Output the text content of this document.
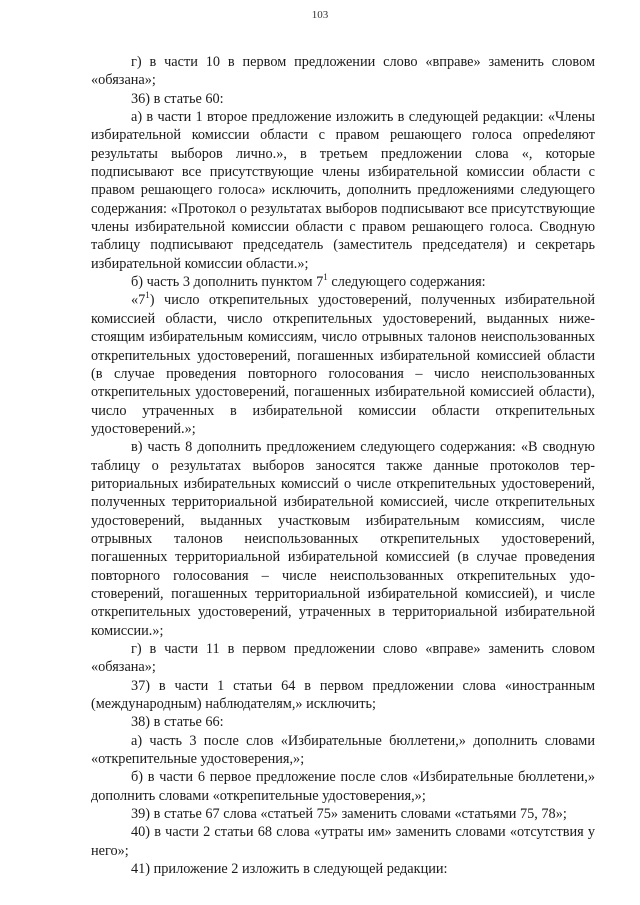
103

г) в части 10 в первом предложении слово «вправе» заменить словом «обязана»;

36) в статье 60:

а) в части 1 второе предложение изложить в следующей редакции: «Члены избирательной комиссии области с правом решающего голоса опреdеляют результаты выборов лично.», в третьем предложении слова «, которые подписывают все присутствующие члены избирательной комиссии области с правом решающего голоса» исключить, дополнить предложениями следующего содержания: «Протокол о результатах выборов подписывают все присутствующие члены избирательной комиссии области с правом решающего голоса. Сводную таблицу подписывают председатель (заместитель председателя) и секретарь избирательной комиссии области.»;

б) часть 3 дополнить пунктом $7^1$ следующего содержания:

«$7^1$) число открепительных удостоверений, полученных избирательной комиссией области, число открепительных удостоверений, выданных нижестоящим избирательным комиссиям, число отрывных талонов неиспользованных открепительных удостоверений, погашенных избирательной комиссией области (в случае проведения повторного голосования – число неиспользованных открепительных удостоверений, погашенных избирательной комиссией области), число утраченных в избирательной комиссии области открепительных удостоверений.»;

в) часть 8 дополнить предложением следующего содержания: «В сводную таблицу о результатах выборов заносятся также данные протоколов территориальных избирательных комиссий о числе открепительных удостоверений, полученных территориальной избирательной комиссией, числе открепительных удостоверений, выданных участковым избирательным комиссиям, числе отрывных талонов неиспользованных открепительных удостоверений, погашенных территориальной избирательной комиссией (в случае проведения повторного голосования – числе неиспользованных открепительных удостоверений, погашенных территориальной избирательной комиссией), и числе открепительных удостоверений, утраченных в территориальной избирательной комиссии.»;

г) в части 11 в первом предложении слово «вправе» заменить словом «обязана»;

37) в части 1 статьи 64 в первом предложении слова «иностранным (международным) наблюдателям,» исключить;

38) в статье 66:

а) часть 3 после слов «Избирательные бюллетени,» дополнить словами «открепительные удостоверения,»;

б) в части 6 первое предложение после слов «Избирательные бюллетени,» дополнить словами «открепительные удостоверения,»;

39) в статье 67 слова «статьей 75» заменить словами «статьями 75, 78»;

40) в части 2 статьи 68 слова «утраты им» заменить словами «отсутствия у него»;

41) приложение 2 изложить в следующей редакции:
